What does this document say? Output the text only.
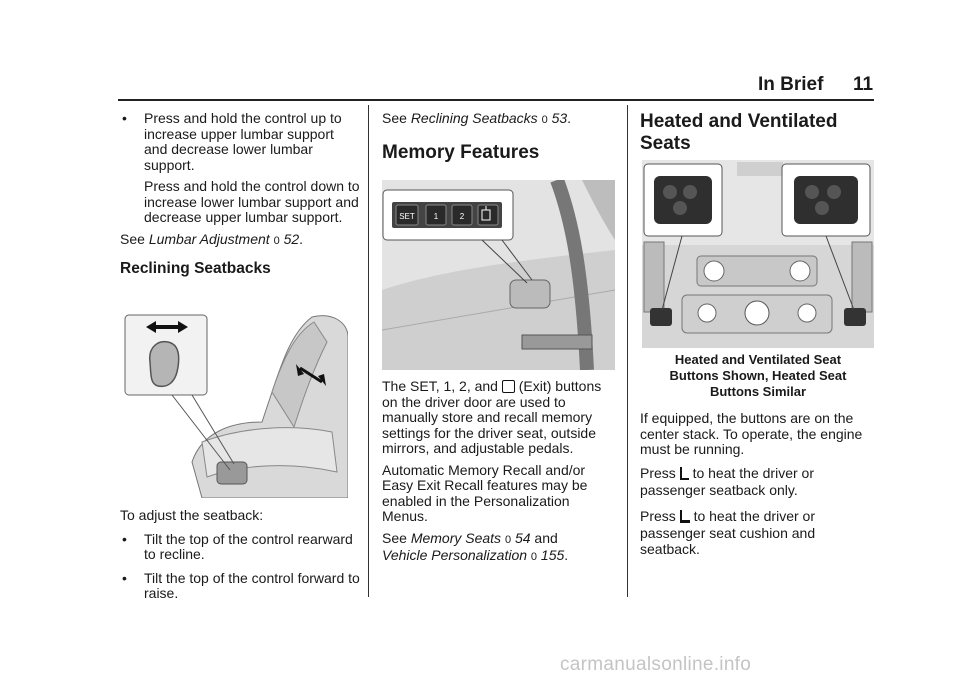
In Brief 11

• Press and hold the control up to increase upper lumbar support and decrease lower lumbar support.

Press and hold the control down to increase lower lumbar support and decrease upper lumbar support.

See Lumbar Adjustment 0 52.

Reclining Seatbacks

To adjust the seatback:

• Tilt the top of the control rearward to recline.

• Tilt the top of the control forward to raise.

See Reclining Seatbacks 0 53.

Memory Features

SET 1	2

The SET, 1, 2, and (Exit) buttons

on the driver door are used to manually store and recall memory settings for the driver seat, outside mirrors, and adjustable pedals.

Automatic Memory Recall and/or Easy Exit Recall features may be enabled in the Personalization Menus.

See Memory Seats 0 54 and
Vehicle Personalization 0 155.

Heated and Ventilated
Seats

Heated and Ventilated Seat
Buttons Shown, Heated Seat
Buttons Similar

If equipped, the buttons are on the center stack. To operate, the engine must be running.

Press to heat the driver or

passenger seatback only.

Press to heat the driver or

passenger seat cushion and seatback.

carmanualsonline.info
